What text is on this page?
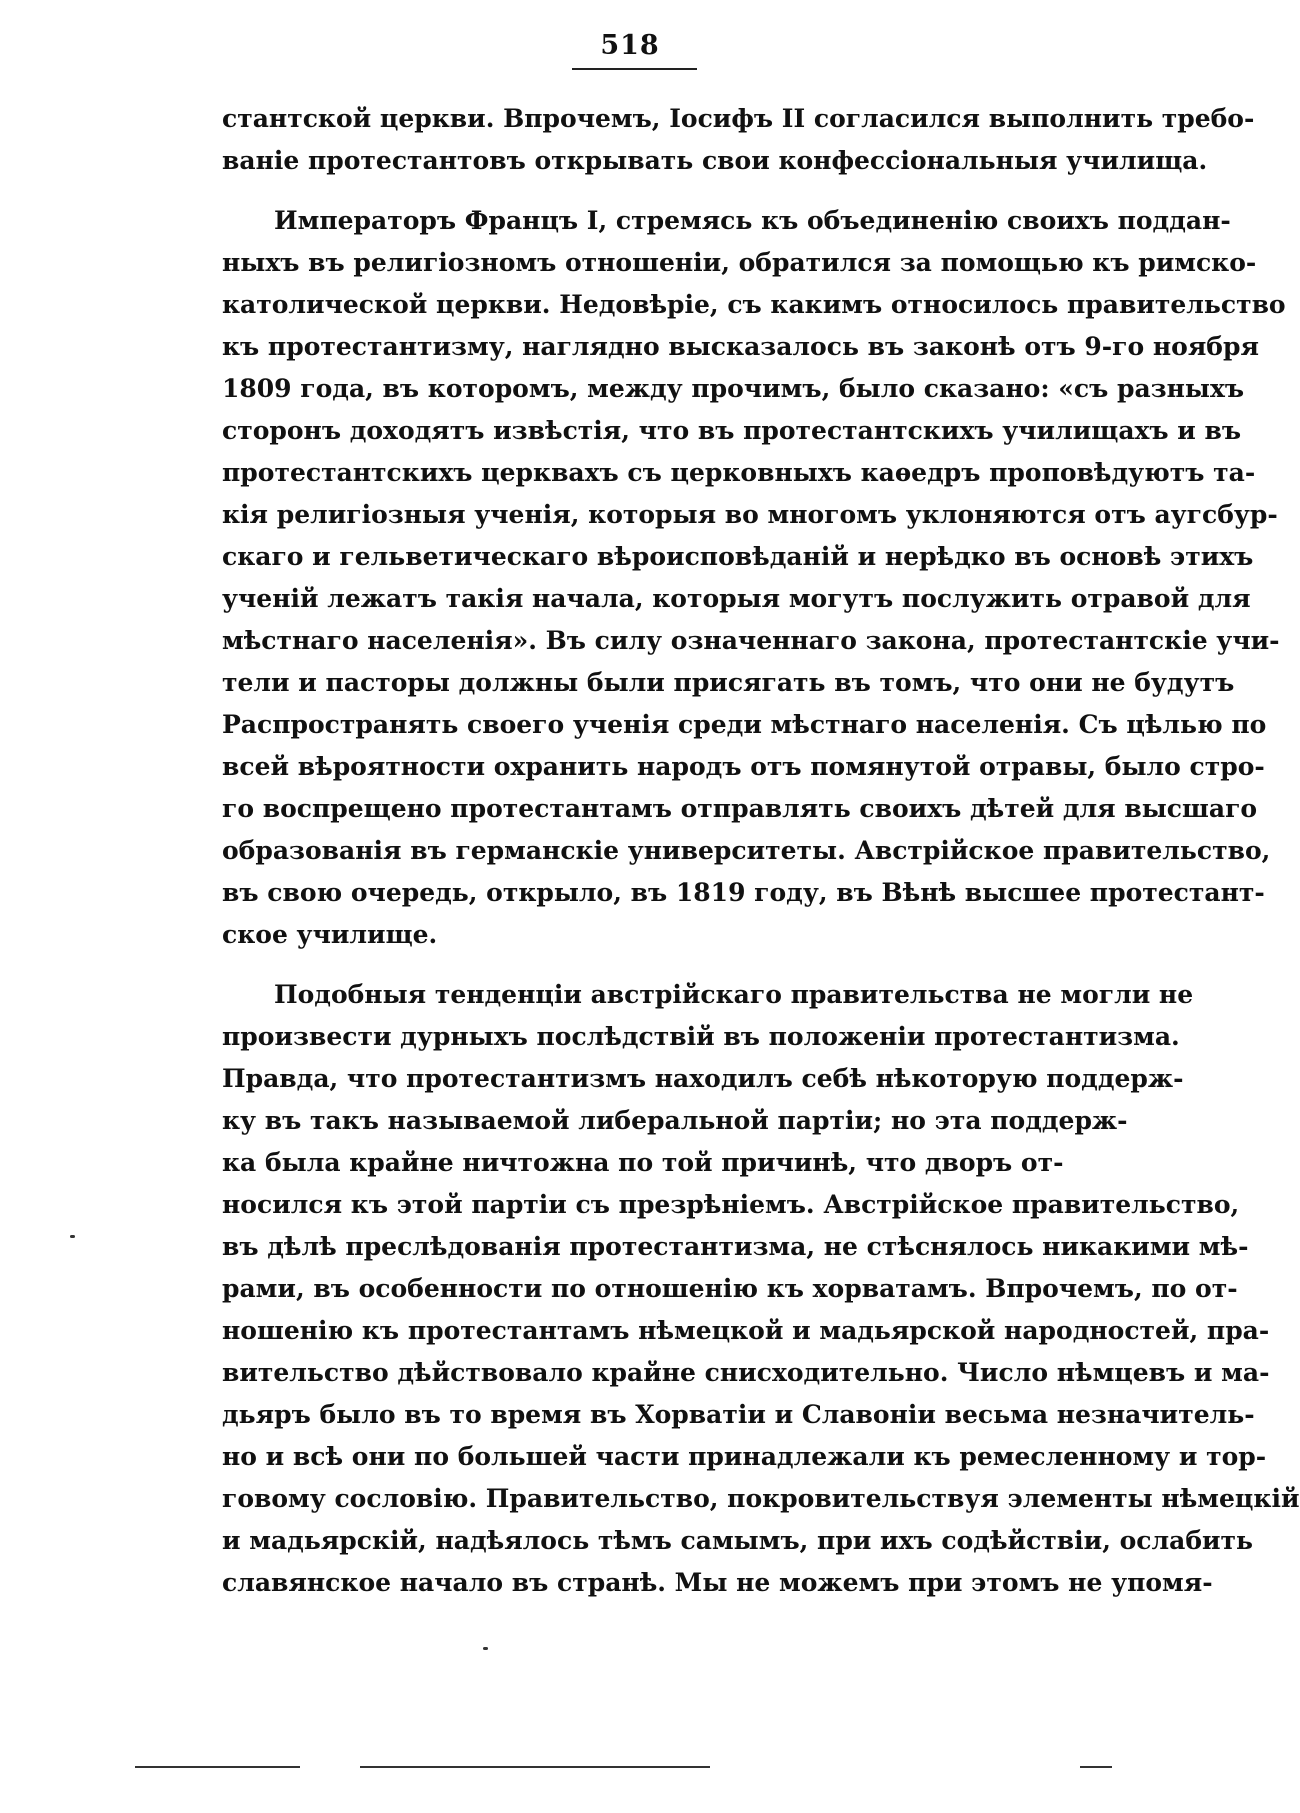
518
стантской церкви. Впрочемъ, Іосифъ II согласился выполнить требо-
ваніе протестантовъ открывать свои конфессіональныя училища.
Императоръ Францъ I, стремясь къ объединенію своихъ поддан-
ныхъ въ религіозномъ отношеніи, обратился за помощью къ римско-
католической церкви. Недовѣріе, съ какимъ относилось правительство
къ протестантизму, наглядно высказалось въ законѣ отъ 9-го ноября
1809 года, въ которомъ, между прочимъ, было сказано: «съ разныхъ
сторонъ доходятъ извѣстія, что въ протестантскихъ училищахъ и въ
протестантскихъ церквахъ съ церковныхъ каѳедръ проповѣдуютъ та-
кія религіозныя ученія, которыя во многомъ уклоняются отъ аугсбур-
скаго и гельветическаго вѣроисповѣданій и нерѣдко въ основѣ этихъ
ученій лежатъ такія начала, которыя могутъ послужить отравой для
мѣстнаго населенія». Въ силу означеннаго закона, протестантскіе учи-
тели и пасторы должны были присягать въ томъ, что они не будутъ
Распространять своего ученія среди мѣстнаго населенія. Съ цѣлью по
всей вѣроятности охранить народъ отъ помянутой отравы, было стро-
го воспрещено протестантамъ отправлять своихъ дѣтей для высшаго
образованія въ германскіе университеты. Австрійское правительство,
въ свою очередь, открыло, въ 1819 году, въ Вѣнѣ высшее протестант-
ское училище.
Подобныя тенденціи австрійскаго правительства не могли не
произвести дурныхъ послѣдствій въ положеніи протестантизма.
Правда, что протестантизмъ находилъ себѣ нѣкоторую поддерж-
ку въ такъ называемой либеральной партіи; но эта поддерж-
ка была крайне ничтожна по той причинѣ, что дворъ от-
носился къ этой партіи съ презрѣніемъ. Австрійское правительство,
въ дѣлѣ преслѣдованія протестантизма, не стѣснялось никакими мѣ-
рами, въ особенности по отношенію къ хорватамъ. Впрочемъ, по от-
ношенію къ протестантамъ нѣмецкой и мадьярской народностей, пра-
вительство дѣйствовало крайне снисходительно. Число нѣмцевъ и ма-
дьяръ было въ то время въ Хорватіи и Славоніи весьма незначитель-
но и всѣ они по большей части принадлежали къ ремесленному и тор-
говому сословію. Правительство, покровительствуя элементы нѣмецкій
и мадьярскій, надѣялось тѣмъ самымъ, при ихъ содѣйствіи, ослабить
славянское начало въ странѣ. Мы не можемъ при этомъ не упомя-
